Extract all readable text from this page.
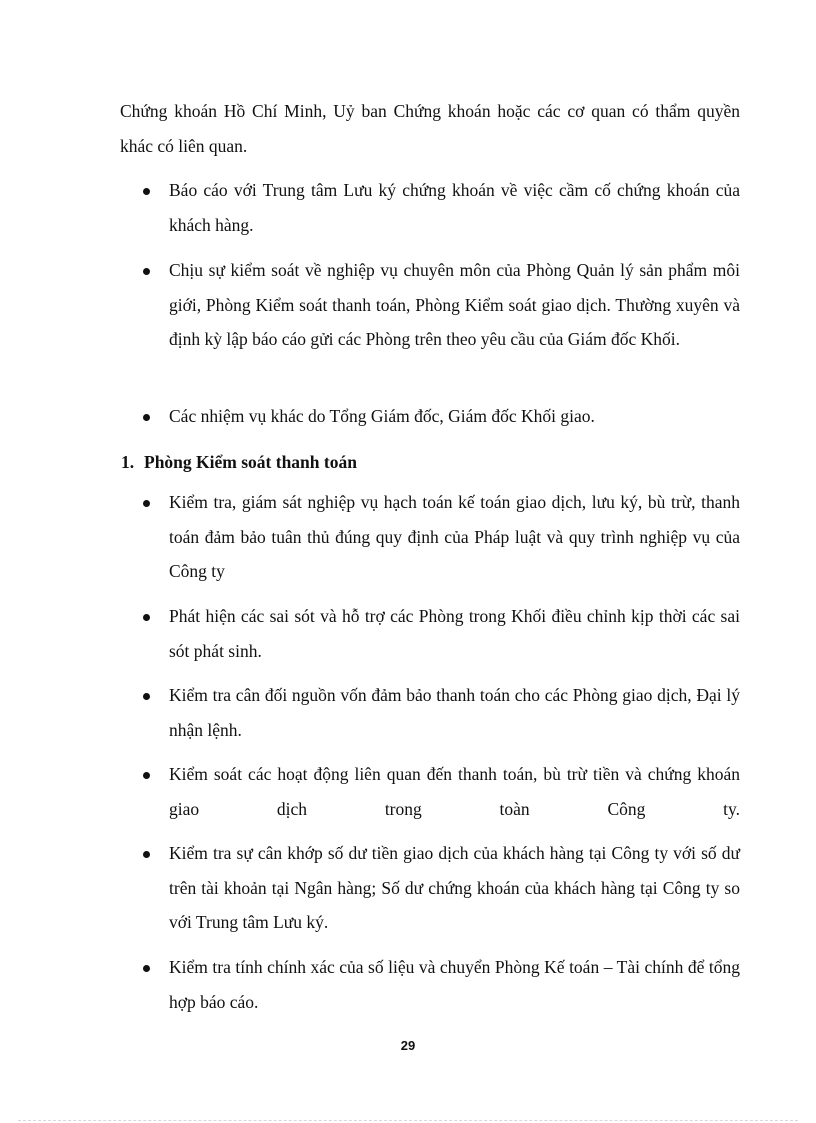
Chứng khoán Hồ Chí Minh, Uỷ ban Chứng khoán hoặc các cơ quan có thẩm quyền khác có liên quan.

Báo cáo với Trung tâm Lưu ký chứng khoán về việc cầm cố chứng khoán của khách hàng.

Chịu sự kiểm soát về nghiệp vụ chuyên môn của Phòng Quản lý sản phẩm môi giới, Phòng Kiểm soát thanh toán, Phòng Kiểm soát giao dịch. Thường xuyên và định kỳ lập báo cáo gửi các Phòng trên theo yêu cầu của Giám đốc Khối.

Các nhiệm vụ khác do Tổng Giám đốc, Giám đốc Khối giao.

1. Phòng Kiểm soát thanh toán

Kiểm tra, giám sát nghiệp vụ hạch toán kế toán giao dịch, lưu ký, bù trừ, thanh toán đảm bảo tuân thủ đúng quy định của Pháp luật và quy trình nghiệp vụ của Công ty

Phát hiện các sai sót và hỗ trợ các Phòng trong Khối điều chỉnh kịp thời các sai sót phát sinh.

Kiểm tra cân đối nguồn vốn đảm bảo thanh toán cho các Phòng giao dịch, Đại lý nhận lệnh.

Kiểm soát các hoạt động liên quan đến thanh toán, bù trừ tiền và chứng khoán giao dịch trong toàn Công ty.

Kiểm tra sự cân khớp số dư tiền giao dịch của khách hàng tại Công ty với số dư trên tài khoản tại Ngân hàng; Số dư chứng khoán của khách hàng tại Công ty so với Trung tâm Lưu ký.

Kiểm tra tính chính xác của số liệu và chuyển Phòng Kế toán – Tài chính để tổng hợp báo cáo.

29
